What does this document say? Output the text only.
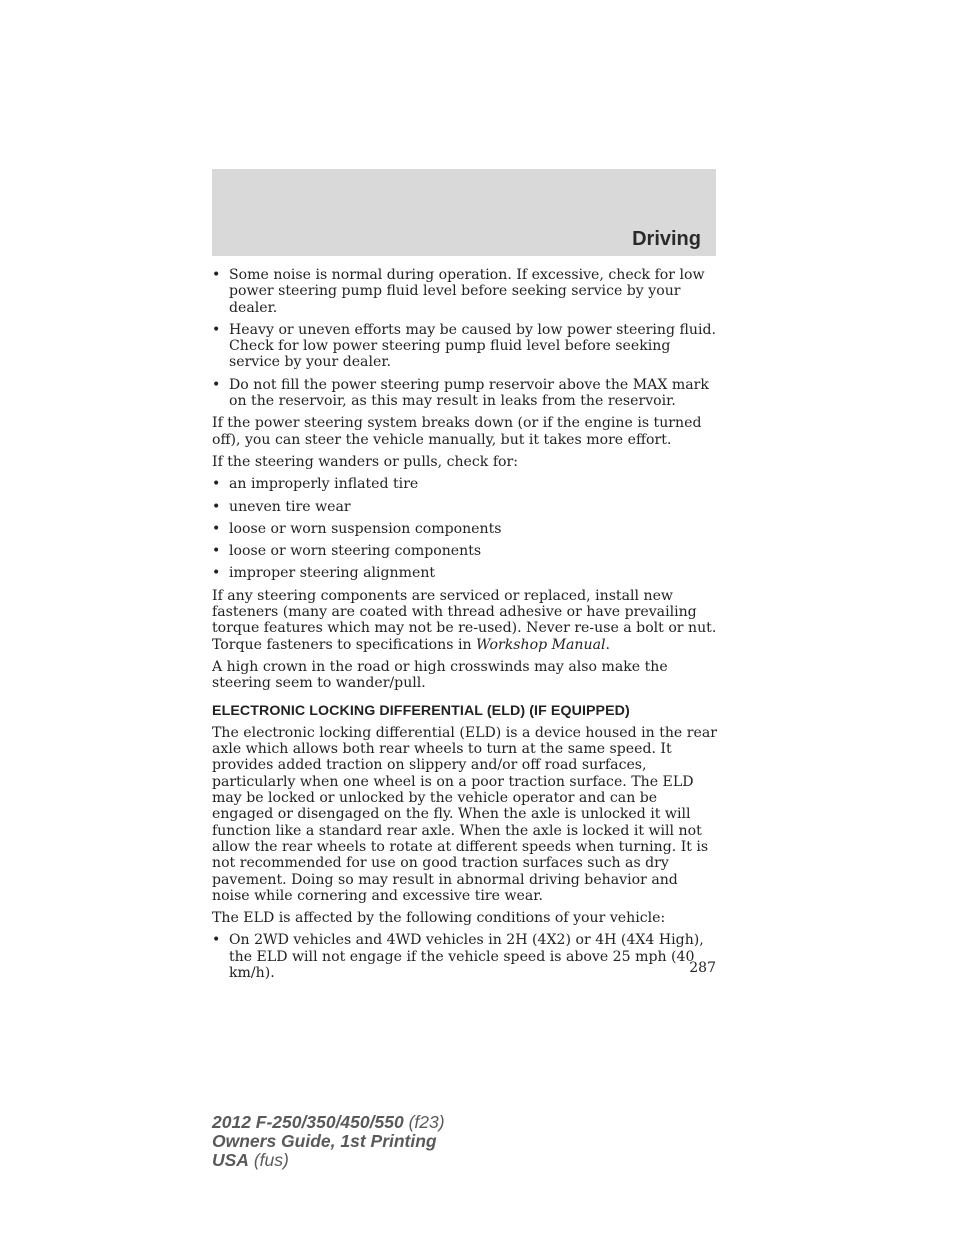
Driving
• Some noise is normal during operation. If excessive, check for low power steering pump fluid level before seeking service by your dealer.
• Heavy or uneven efforts may be caused by low power steering fluid. Check for low power steering pump fluid level before seeking service by your dealer.
• Do not fill the power steering pump reservoir above the MAX mark on the reservoir, as this may result in leaks from the reservoir.

If the power steering system breaks down (or if the engine is turned off), you can steer the vehicle manually, but it takes more effort.

If the steering wanders or pulls, check for:

• an improperly inflated tire
• uneven tire wear
• loose or worn suspension components
• loose or worn steering components
• improper steering alignment

If any steering components are serviced or replaced, install new fasteners (many are coated with thread adhesive or have prevailing torque features which may not be re-used). Never re-use a bolt or nut. Torque fasteners to specifications in Workshop Manual.

A high crown in the road or high crosswinds may also make the steering seem to wander/pull.

ELECTRONIC LOCKING DIFFERENTIAL (ELD) (IF EQUIPPED)

The electronic locking differential (ELD) is a device housed in the rear axle which allows both rear wheels to turn at the same speed. It provides added traction on slippery and/or off road surfaces, particularly when one wheel is on a poor traction surface. The ELD may be locked or unlocked by the vehicle operator and can be engaged or disengaged on the fly. When the axle is unlocked it will function like a standard rear axle. When the axle is locked it will not allow the rear wheels to rotate at different speeds when turning. It is not recommended for use on good traction surfaces such as dry pavement. Doing so may result in abnormal driving behavior and noise while cornering and excessive tire wear.

The ELD is affected by the following conditions of your vehicle:

• On 2WD vehicles and 4WD vehicles in 2H (4X2) or 4H (4X4 High), the ELD will not engage if the vehicle speed is above 25 mph (40 km/h).	287
2012 F-250/350/450/550 (f23)
Owners Guide, 1st Printing
USA (fus)
